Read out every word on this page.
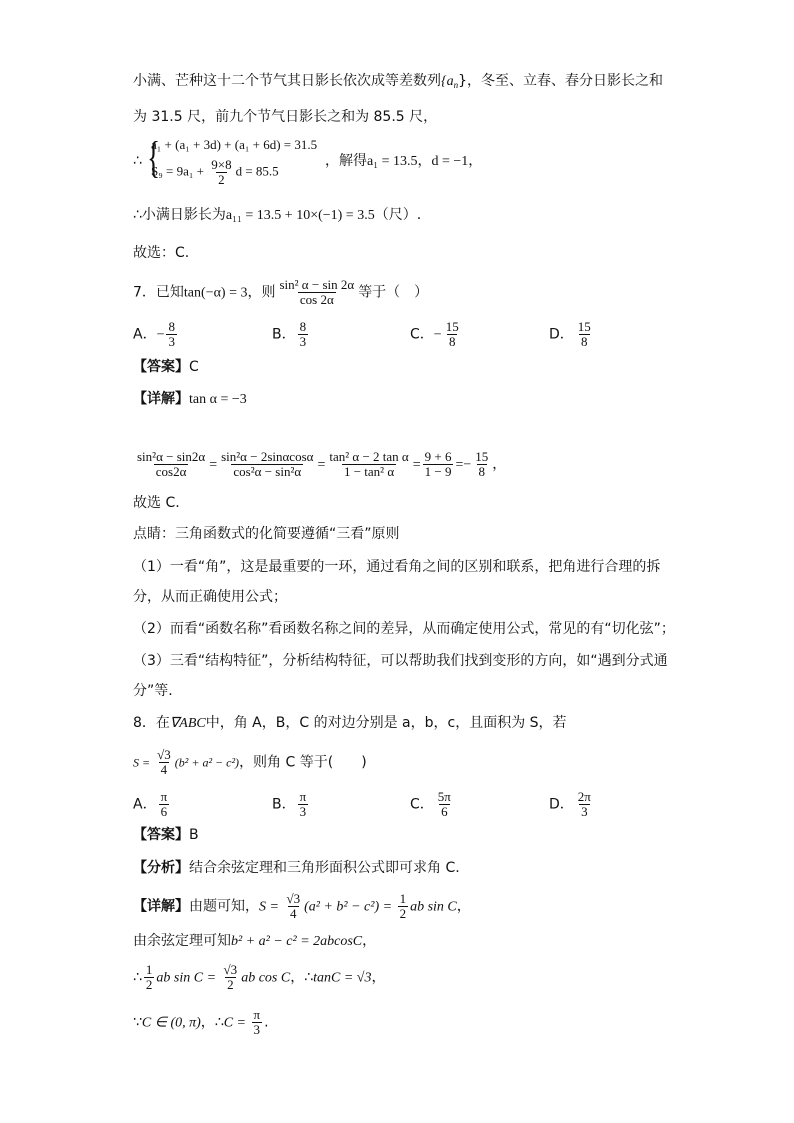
小满、芒种这十二个节气其日影长依次成等差数列$\{a_n\}$，冬至、立春、春分日影长之和
为 31.5 尺，前九个节气日影长之和为 85.5 尺，
∴ {
a₁ + (a₁ + 3d) + (a₁ + 6d) = 31.5
$S_9 = 9a_1 + \frac{9\times 8}{2}$ d = 85.5
，解得a₁ = 13.5，d = −1，
∴小满日影长为a₁₁ = 13.5 + 10×(−1) = 3.5（尺）.
故选：C.
7．已知tan(−α) = 3，则 $\frac{\text{sin² α − sin 2α}}{\cos 2\alpha}$ 等于（　）
A．− $\frac{8}{3}$	B． $\frac{8}{3}$	C．− $\frac{15}{8}$	D． $\frac{15}{8}$
【答案】C
【详解】tan α = −3
$\frac{\text{sin²α − sin2α}}{\cos 2\alpha} = \frac{\text{sin²α − 2sinαcosα}}{\text{cos²α − sin²α}} = \frac{\text{tan² α − 2 tan α}}{\text{1 − tan² α}} = \frac{9 + 6}{1 - 9} =- \frac{15}{8}$ ，
故选 C.
点睛：三角函数式的化简要遵循“三看”原则
（1）一看“角”，这是最重要的一环，通过看角之间的区别和联系，把角进行合理的拆
分，从而正确使用公式；
（2）而看“函数名称”看函数名称之间的差异，从而确定使用公式，常见的有“切化弦”；
（3）三看“结构特征”，分析结构特征，可以帮助我们找到变形的方向，如“遇到分式通
分”等.
8．在∇ABC中，角 A，B，C 的对边分别是 a，b，c，且面积为 S，若
$S = \frac{√3}{4} (b^2 + a^2 - c^2)$，则角 C 等于(　　)
A． $\frac{\pi}{6}$	B． $\frac{\pi}{3}$	C． $\frac{5\pi}{6}$	D． $\frac{2\pi}{3}$
【答案】B
【分析】结合余弦定理和三角形面积公式即可求角 C.
【详解】由题可知，$S = \frac{√3}{4} (a^2 + b^2 - c^2) = \frac{1}{2}$ ab sin C，
由余弦定理可知b² + a² − c² = 2abcosC，
∴ $\frac{1}{2}$ ab $\sin C = \frac{√3}{2}$ ab cos C，∴tanC = √3，
∵C ∈ (0, π)，∴C = $\frac{\pi}{3}$ .
